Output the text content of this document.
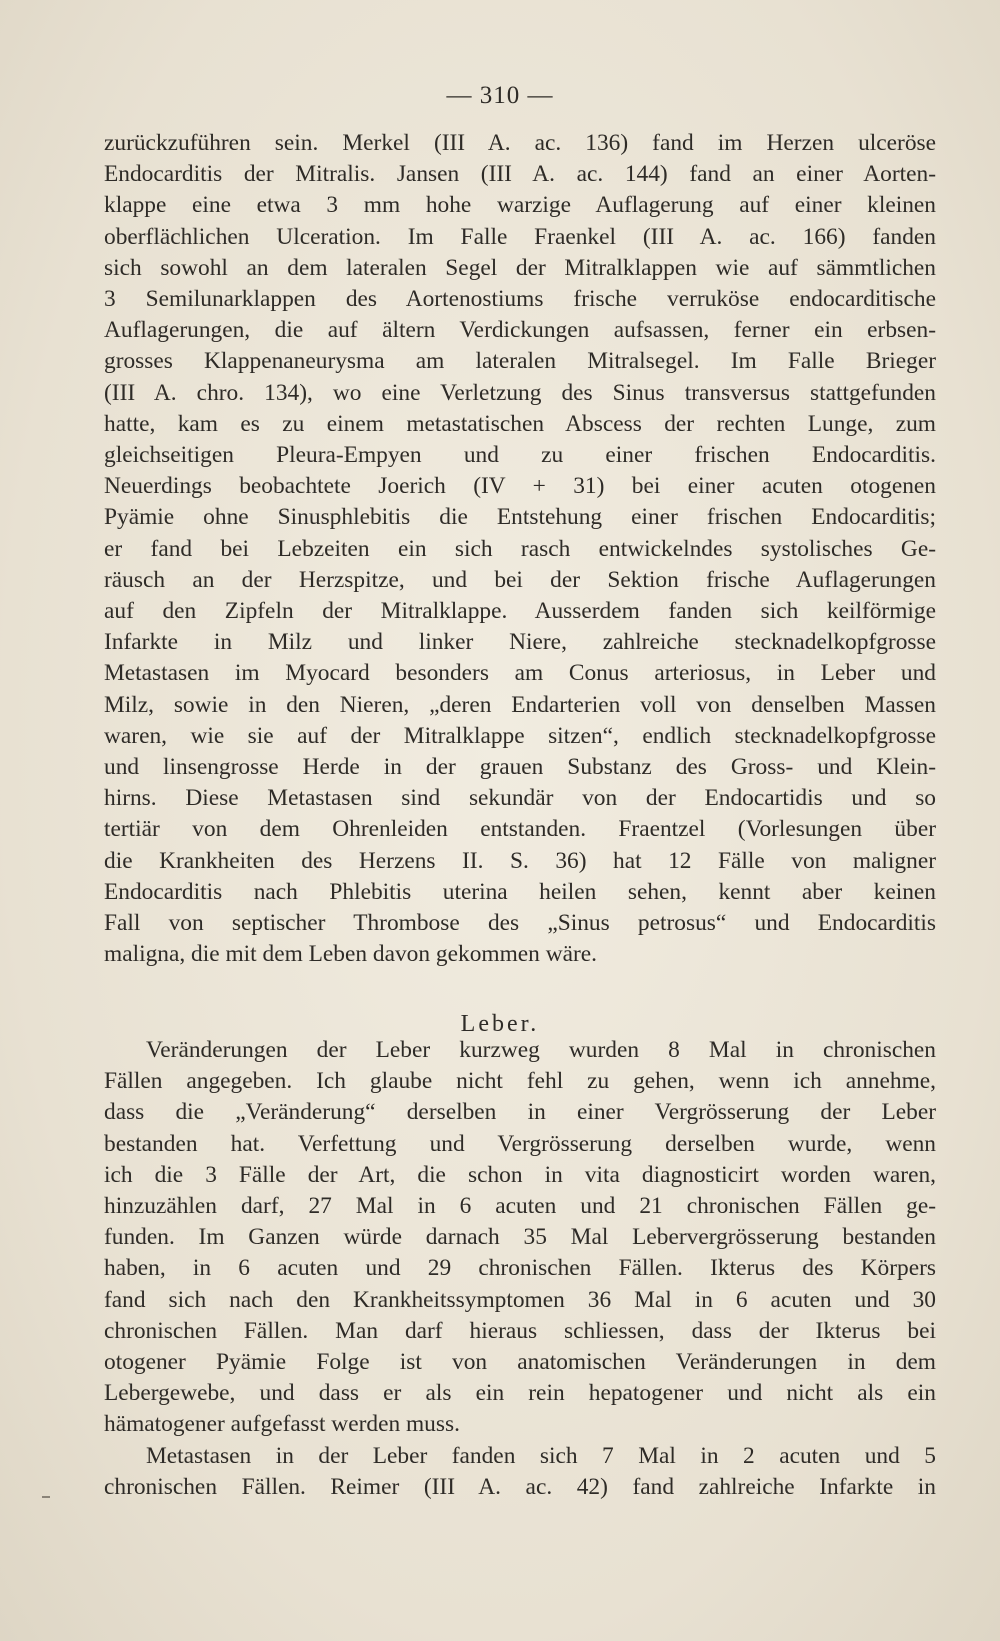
— 310 —
zurückzuführen sein. Merkel (III A. ac. 136) fand im Herzen ulceröse
Endocarditis der Mitralis. Jansen (III A. ac. 144) fand an einer Aorten-
klappe eine etwa 3 mm hohe warzige Auflagerung auf einer kleinen
oberflächlichen Ulceration. Im Falle Fraenkel (III A. ac. 166) fanden
sich sowohl an dem lateralen Segel der Mitralklappen wie auf sämmtlichen
3 Semilunarklappen des Aortenostiums frische verruköse endocarditische
Auflagerungen, die auf ältern Verdickungen aufsassen, ferner ein erbsen-
grosses Klappenaneurysma am lateralen Mitralsegel. Im Falle Brieger
(III A. chro. 134), wo eine Verletzung des Sinus transversus stattgefunden
hatte, kam es zu einem metastatischen Abscess der rechten Lunge, zum
gleichseitigen Pleura-Empyen und zu einer frischen Endocarditis.
Neuerdings beobachtete Joerich (IV + 31) bei einer acuten otogenen
Pyämie ohne Sinusphlebitis die Entstehung einer frischen Endocarditis;
er fand bei Lebzeiten ein sich rasch entwickelndes systolisches Ge-
räusch an der Herzspitze, und bei der Sektion frische Auflagerungen
auf den Zipfeln der Mitralklappe. Ausserdem fanden sich keilförmige
Infarkte in Milz und linker Niere, zahlreiche stecknadelkopfgrosse
Metastasen im Myocard besonders am Conus arteriosus, in Leber und
Milz, sowie in den Nieren, „deren Endarterien voll von denselben Massen
waren, wie sie auf der Mitralklappe sitzen“, endlich stecknadelkopfgrosse
und linsengrosse Herde in der grauen Substanz des Gross- und Klein-
hirns. Diese Metastasen sind sekundär von der Endocartidis und so
tertiär von dem Ohrenleiden entstanden. Fraentzel (Vorlesungen über
die Krankheiten des Herzens II. S. 36) hat 12 Fälle von maligner
Endocarditis nach Phlebitis uterina heilen sehen, kennt aber keinen
Fall von septischer Thrombose des „Sinus petrosus“ und Endocarditis
maligna, die mit dem Leben davon gekommen wäre.
Leber.
Veränderungen der Leber kurzweg wurden 8 Mal in chronischen
Fällen angegeben. Ich glaube nicht fehl zu gehen, wenn ich annehme,
dass die „Veränderung“ derselben in einer Vergrösserung der Leber
bestanden hat. Verfettung und Vergrösserung derselben wurde, wenn
ich die 3 Fälle der Art, die schon in vita diagnosticirt worden waren,
hinzuzählen darf, 27 Mal in 6 acuten und 21 chronischen Fällen ge-
funden. Im Ganzen würde darnach 35 Mal Lebervergrösserung bestanden
haben, in 6 acuten und 29 chronischen Fällen. Ikterus des Körpers
fand sich nach den Krankheitssymptomen 36 Mal in 6 acuten und 30
chronischen Fällen. Man darf hieraus schliessen, dass der Ikterus bei
otogener Pyämie Folge ist von anatomischen Veränderungen in dem
Lebergewebe, und dass er als ein rein hepatogener und nicht als ein
hämatogener aufgefasst werden muss.
Metastasen in der Leber fanden sich 7 Mal in 2 acuten und 5
chronischen Fällen. Reimer (III A. ac. 42) fand zahlreiche Infarkte in
